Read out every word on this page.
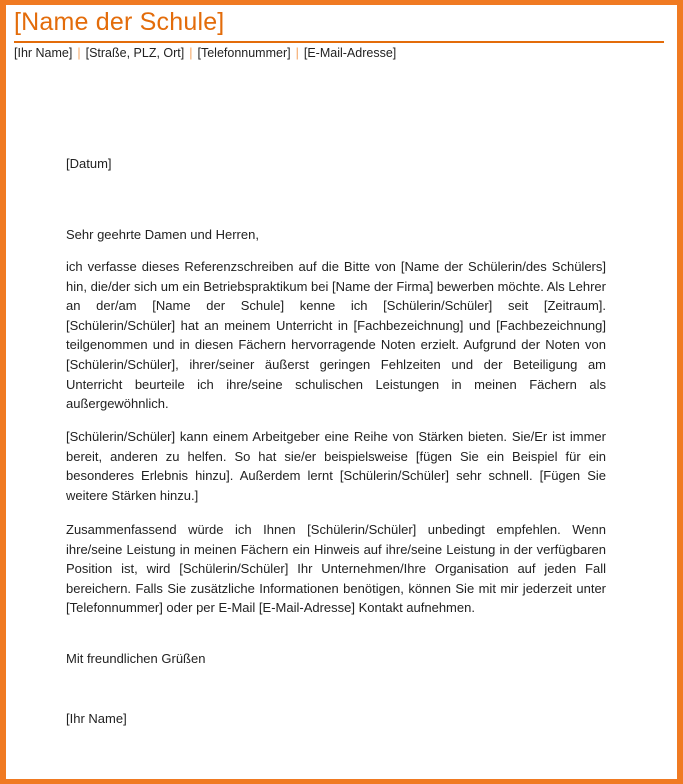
[Name der Schule]
[Ihr Name] | [Straße, PLZ, Ort] | [Telefonnummer] | [E-Mail-Adresse]
[Datum]
Sehr geehrte Damen und Herren,
ich verfasse dieses Referenzschreiben auf die Bitte von [Name der Schülerin/des Schülers] hin, die/der sich um ein Betriebspraktikum bei [Name der Firma] bewerben möchte. Als Lehrer an der/am [Name der Schule] kenne ich [Schülerin/Schüler] seit [Zeitraum]. [Schülerin/Schüler] hat an meinem Unterricht in [Fachbezeichnung] und [Fachbezeichnung] teilgenommen und in diesen Fächern hervorragende Noten erzielt. Aufgrund der Noten von [Schülerin/Schüler], ihrer/seiner äußerst geringen Fehlzeiten und der Beteiligung am Unterricht beurteile ich ihre/seine schulischen Leistungen in meinen Fächern als außergewöhnlich.
[Schülerin/Schüler] kann einem Arbeitgeber eine Reihe von Stärken bieten. Sie/Er ist immer bereit, anderen zu helfen. So hat sie/er beispielsweise [fügen Sie ein Beispiel für ein besonderes Erlebnis hinzu]. Außerdem lernt [Schülerin/Schüler] sehr schnell. [Fügen Sie weitere Stärken hinzu.]
Zusammenfassend würde ich Ihnen [Schülerin/Schüler] unbedingt empfehlen. Wenn ihre/seine Leistung in meinen Fächern ein Hinweis auf ihre/seine Leistung in der verfügbaren Position ist, wird [Schülerin/Schüler] Ihr Unternehmen/Ihre Organisation auf jeden Fall bereichern. Falls Sie zusätzliche Informationen benötigen, können Sie mit mir jederzeit unter [Telefonnummer] oder per E-Mail [E-Mail-Adresse] Kontakt aufnehmen.
Mit freundlichen Grüßen
[Ihr Name]
